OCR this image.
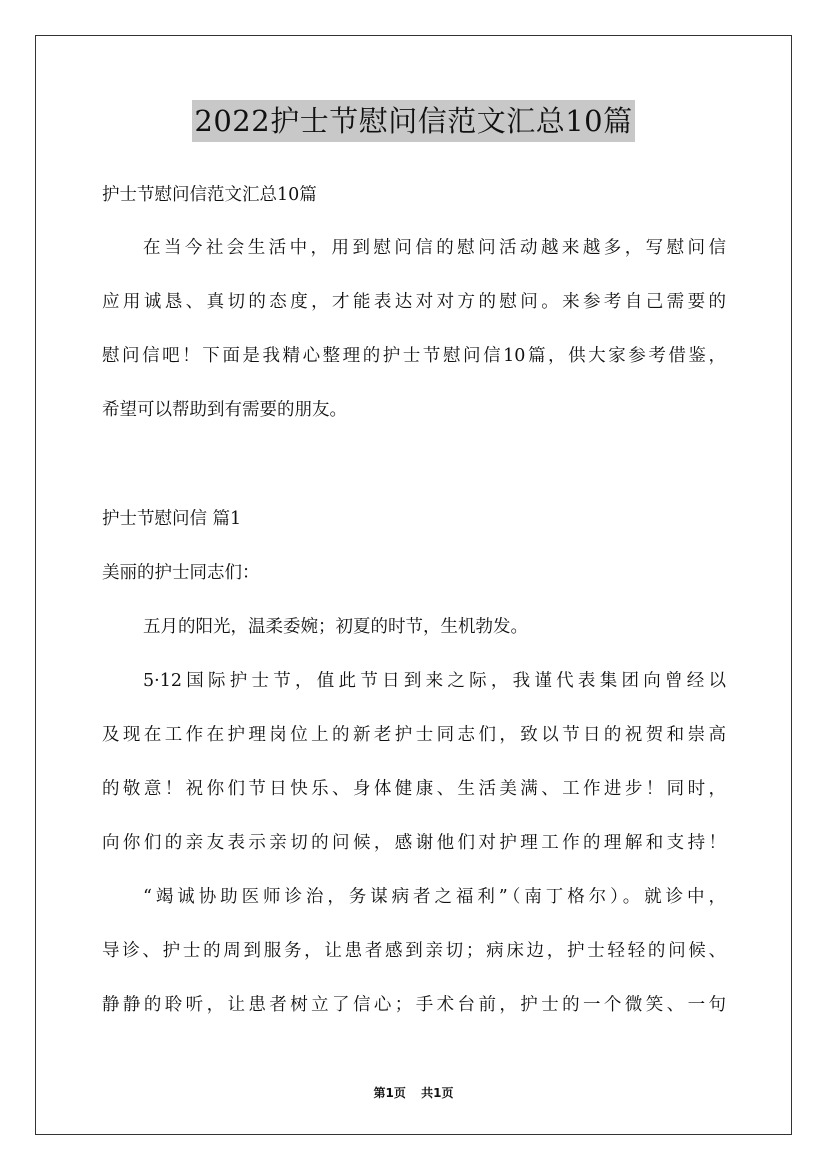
2022护士节慰问信范文汇总10篇
护士节慰问信范文汇总10篇
在当今社会生活中，用到慰问信的慰问活动越来越多，写慰问信
应用诚恳、真切的态度，才能表达对对方的慰问。来参考自己需要的
慰问信吧！下面是我精心整理的护士节慰问信10篇，供大家参考借鉴，
希望可以帮助到有需要的朋友。
护士节慰问信 篇1
美丽的护士同志们：
五月的阳光，温柔委婉；初夏的时节，生机勃发。
5·12国际护士节，值此节日到来之际，我谨代表集团向曾经以
及现在工作在护理岗位上的新老护士同志们，致以节日的祝贺和崇高
的敬意！祝你们节日快乐、身体健康、生活美满、工作进步！同时，
向你们的亲友表示亲切的问候，感谢他们对护理工作的理解和支持！
“竭诚协助医师诊治，务谋病者之福利”（南丁格尔）。就诊中，
导诊、护士的周到服务，让患者感到亲切；病床边，护士轻轻的问候、
静静的聆听，让患者树立了信心；手术台前，护士的一个微笑、一句
第1页 共1页
